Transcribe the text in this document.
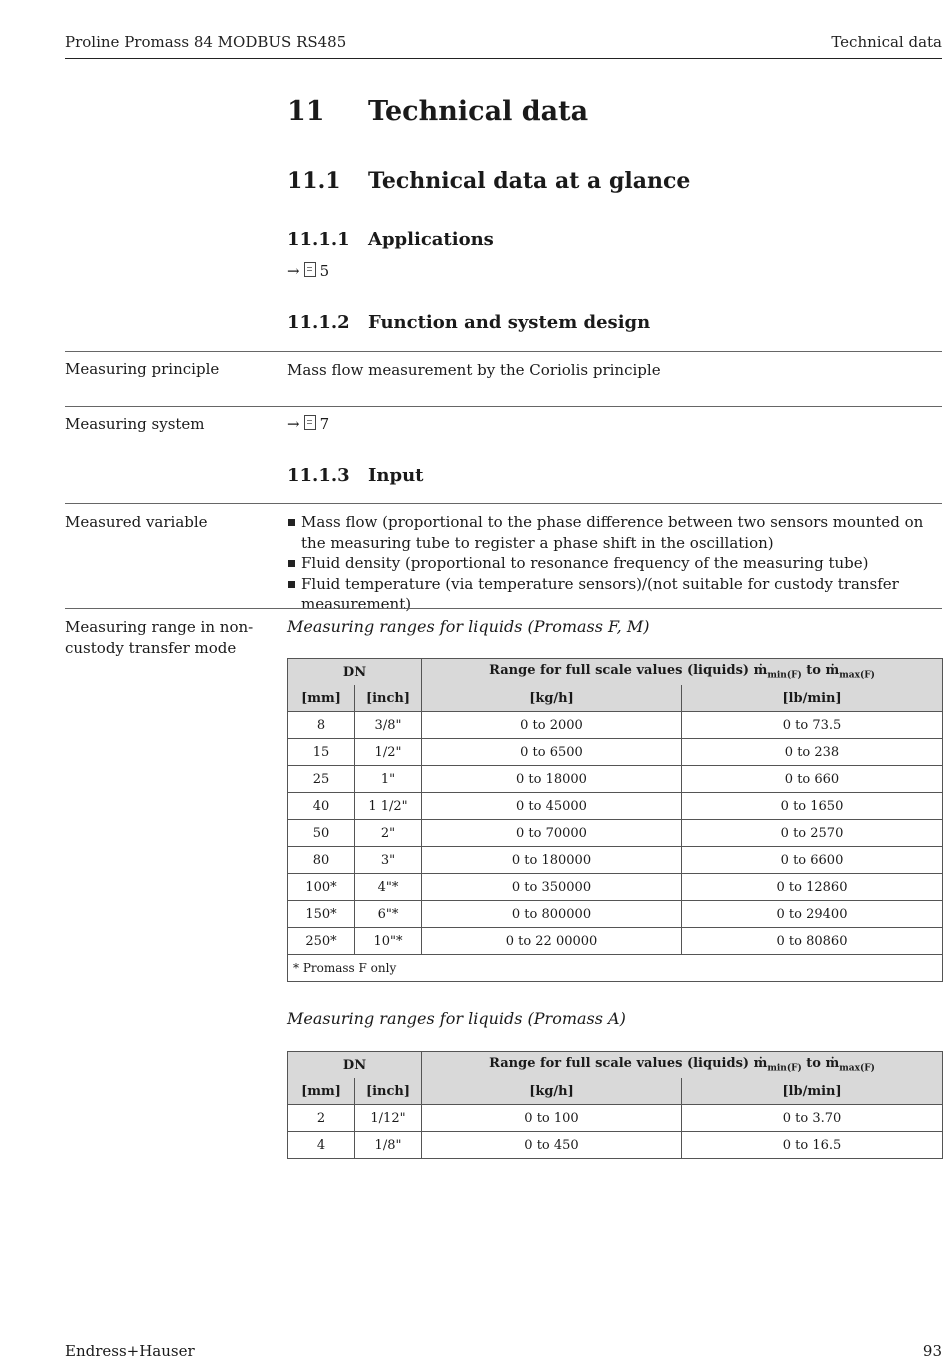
Proline Promass 84 MODBUS RS485	Technical data
11 Technical data
11.1 Technical data at a glance
11.1.1 Applications
→ 5
11.1.2 Function and system design
Measuring principle	Mass flow measurement by the Coriolis principle
Measuring system	→ 7
11.1.3 Input
Measured variable	Mass flow (proportional to the phase difference between two sensors mounted on the measuring tube to register a phase shift in the oscillation)
Fluid density (proportional to resonance frequency of the measuring tube)
Fluid temperature (via temperature sensors)/(not suitable for custody transfer measurement)
Measuring range in non-custody transfer mode
Measuring ranges for liquids (Promass F, M)
DN		Range for full scale values (liquids) ṁ$_{min(F)}$ to ṁ$_{max(F)}$
[mm]	[inch]	[kg/h]	[lb/min]
8	3/8"	0 to 2000	0 to 73.5
15	1/2"	0 to 6500	0 to 238
25	1"	0 to 18000	0 to 660
40	1 1/2"	0 to 45000	0 to 1650
50	2"	0 to 70000	0 to 2570
80	3"	0 to 180000	0 to 6600
100*	4"*	0 to 350000	0 to 12860
150*	6"*	0 to 800000	0 to 29400
250*	10"*	0 to 22 00000	0 to 80860
* Promass F only			
Measuring ranges for liquids (Promass A)
DN		Range for full scale values (liquids) ṁ$_{min(F)}$ to ṁ$_{max(F)}$
[mm]	[inch]	[kg/h]	[lb/min]
2	1/12"	0 to 100	0 to 3.70
4	1/8"	0 to 450	0 to 16.5
Endress+Hauser	93
